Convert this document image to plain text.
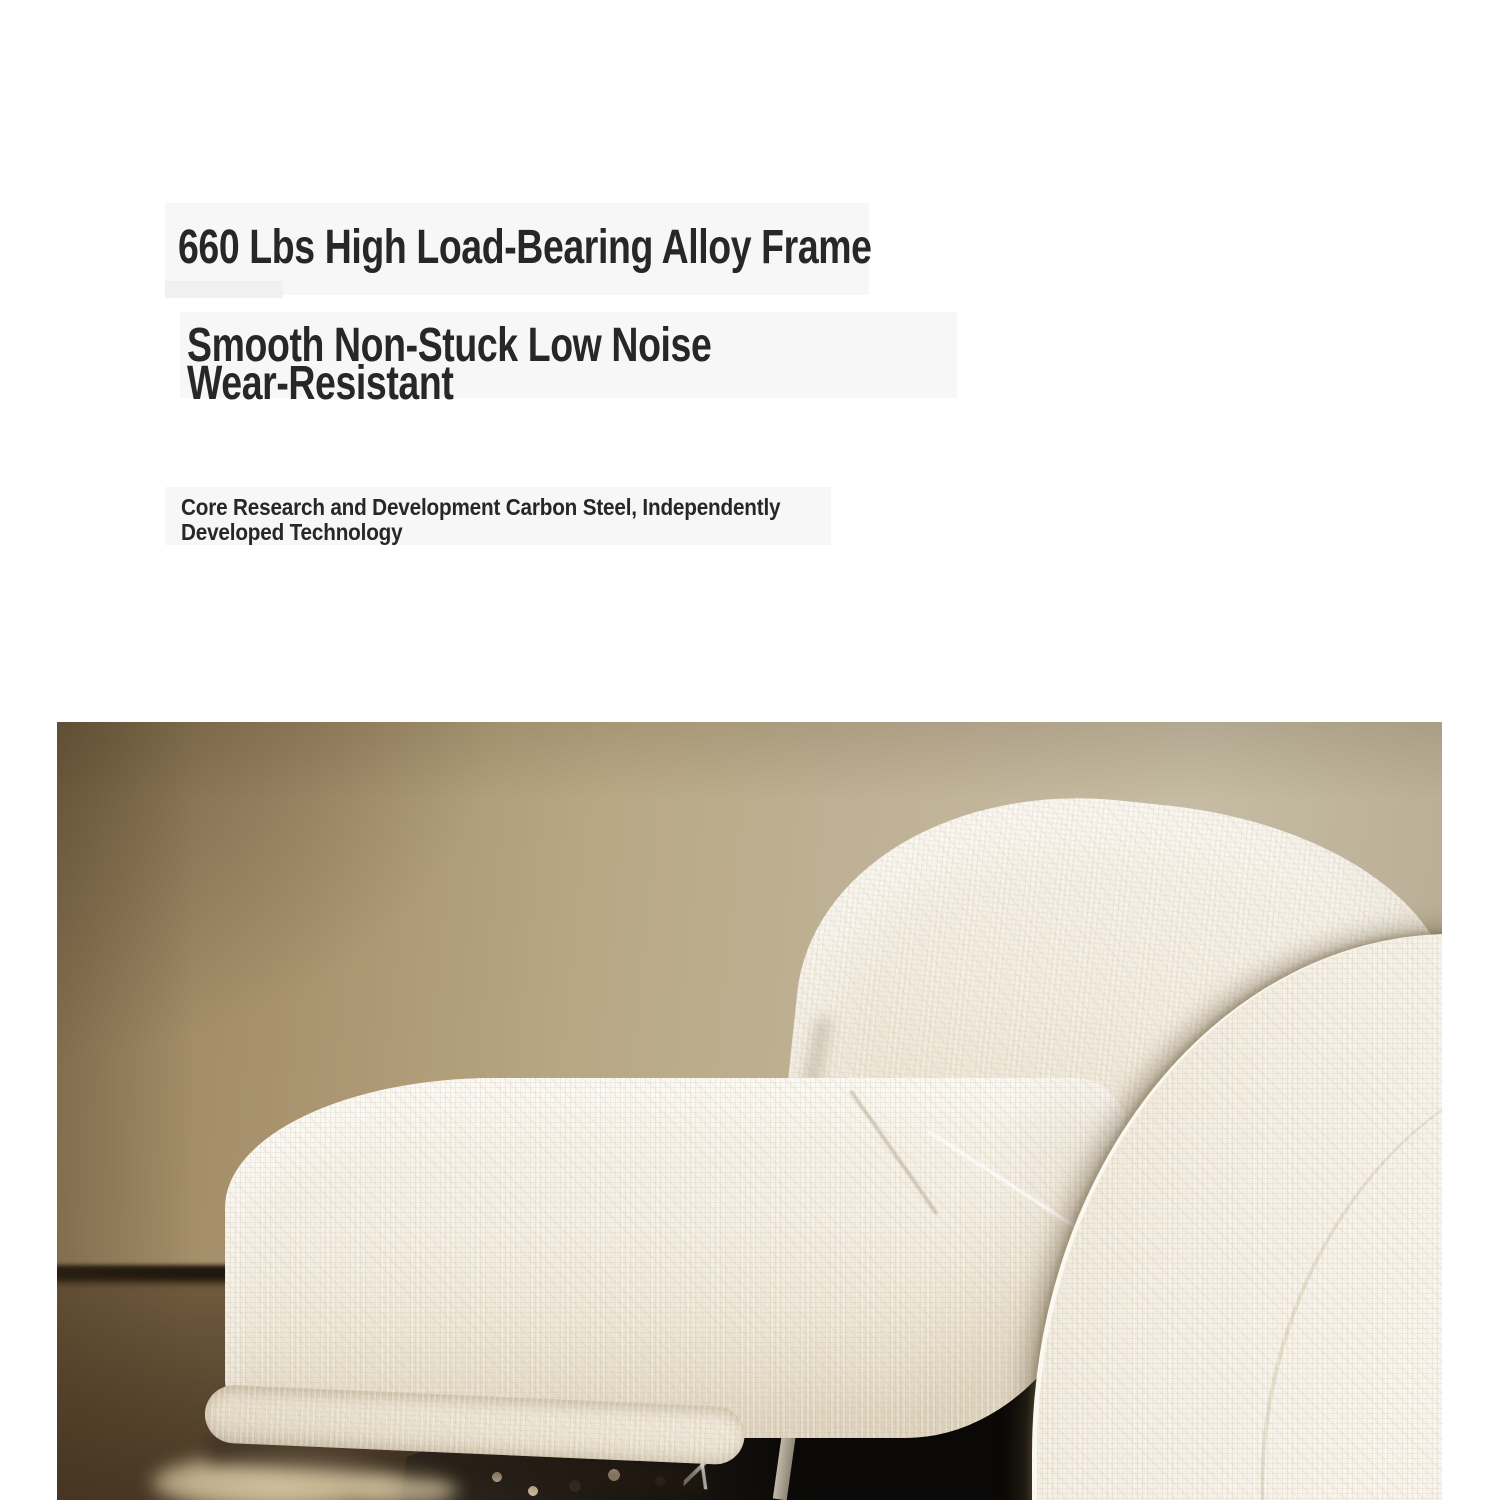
660 Lbs High Load-Bearing Alloy Frame
Smooth Non-Stuck Low Noise
Wear-Resistant
Core Research and Development Carbon Steel, Independently
Developed Technology
